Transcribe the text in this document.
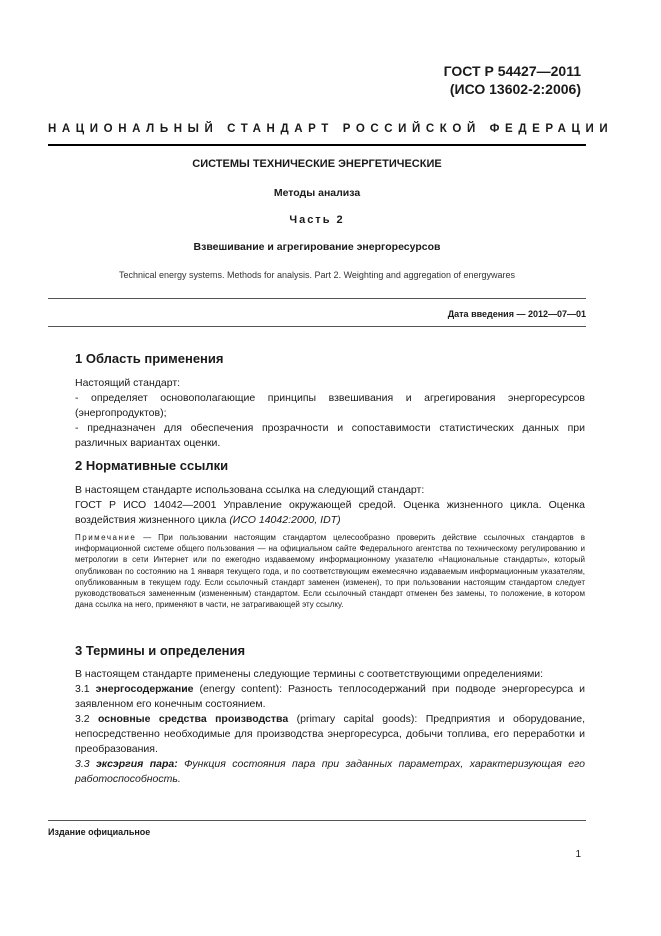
ГОСТ Р 54427—2011
(ИСО 13602-2:2006)
НАЦИОНАЛЬНЫЙ СТАНДАРТ РОССИЙСКОЙ ФЕДЕРАЦИИ
СИСТЕМЫ ТЕХНИЧЕСКИЕ ЭНЕРГЕТИЧЕСКИЕ
Методы анализа
Часть 2
Взвешивание и агрегирование энергоресурсов
Technical energy systems. Methods for analysis. Part 2. Weighting and aggregation of energywares
Дата введения — 2012—07—01
1 Область применения

Настоящий стандарт:

- определяет основополагающие принципы взвешивания и агрегирования энергоресурсов (энергопродуктов);

- предназначен для обеспечения прозрачности и сопоставимости статистических данных при различных вариантах оценки.

2 Нормативные ссылки

В настоящем стандарте использована ссылка на следующий стандарт:

ГОСТ Р ИСО 14042—2001 Управление окружающей средой. Оценка жизненного цикла. Оценка воздействия жизненного цикла (ИСО 14042:2000, IDT)

Примечание — При пользовании настоящим стандартом целесообразно проверить действие ссылочных стандартов в информационной системе общего пользования — на официальном сайте Федерального агентства по техническому регулированию и метрологии в сети Интернет или по ежегодно издаваемому информационному указателю «Национальные стандарты», который опубликован по состоянию на 1 января текущего года, и по соответствующим ежемесячно издаваемым информационным указателям, опубликованным в текущем году. Если ссылочный стандарт заменен (изменен), то при пользовании настоящим стандартом следует руководствоваться замененным (измененным) стандартом. Если ссылочный стандарт отменен без замены, то положение, в котором дана ссылка на него, применяют в части, не затрагивающей эту ссылку.
3 Термины и определения

В настоящем стандарте применены следующие термины с соответствующими определениями:

3.1 энергосодержание (energy content): Разность теплосодержаний при подводе энергоресурса и заявленном его конечным состоянием.

3.2 основные средства производства (primary capital goods): Предприятия и оборудование, непосредственно необходимые для производства энергоресурса, добычи топлива, его переработки и преобразования.

3.3 эксэргия пара: Функция состояния пара при заданных параметрах, характеризующая его работоспособность.

Издание официальное
1
